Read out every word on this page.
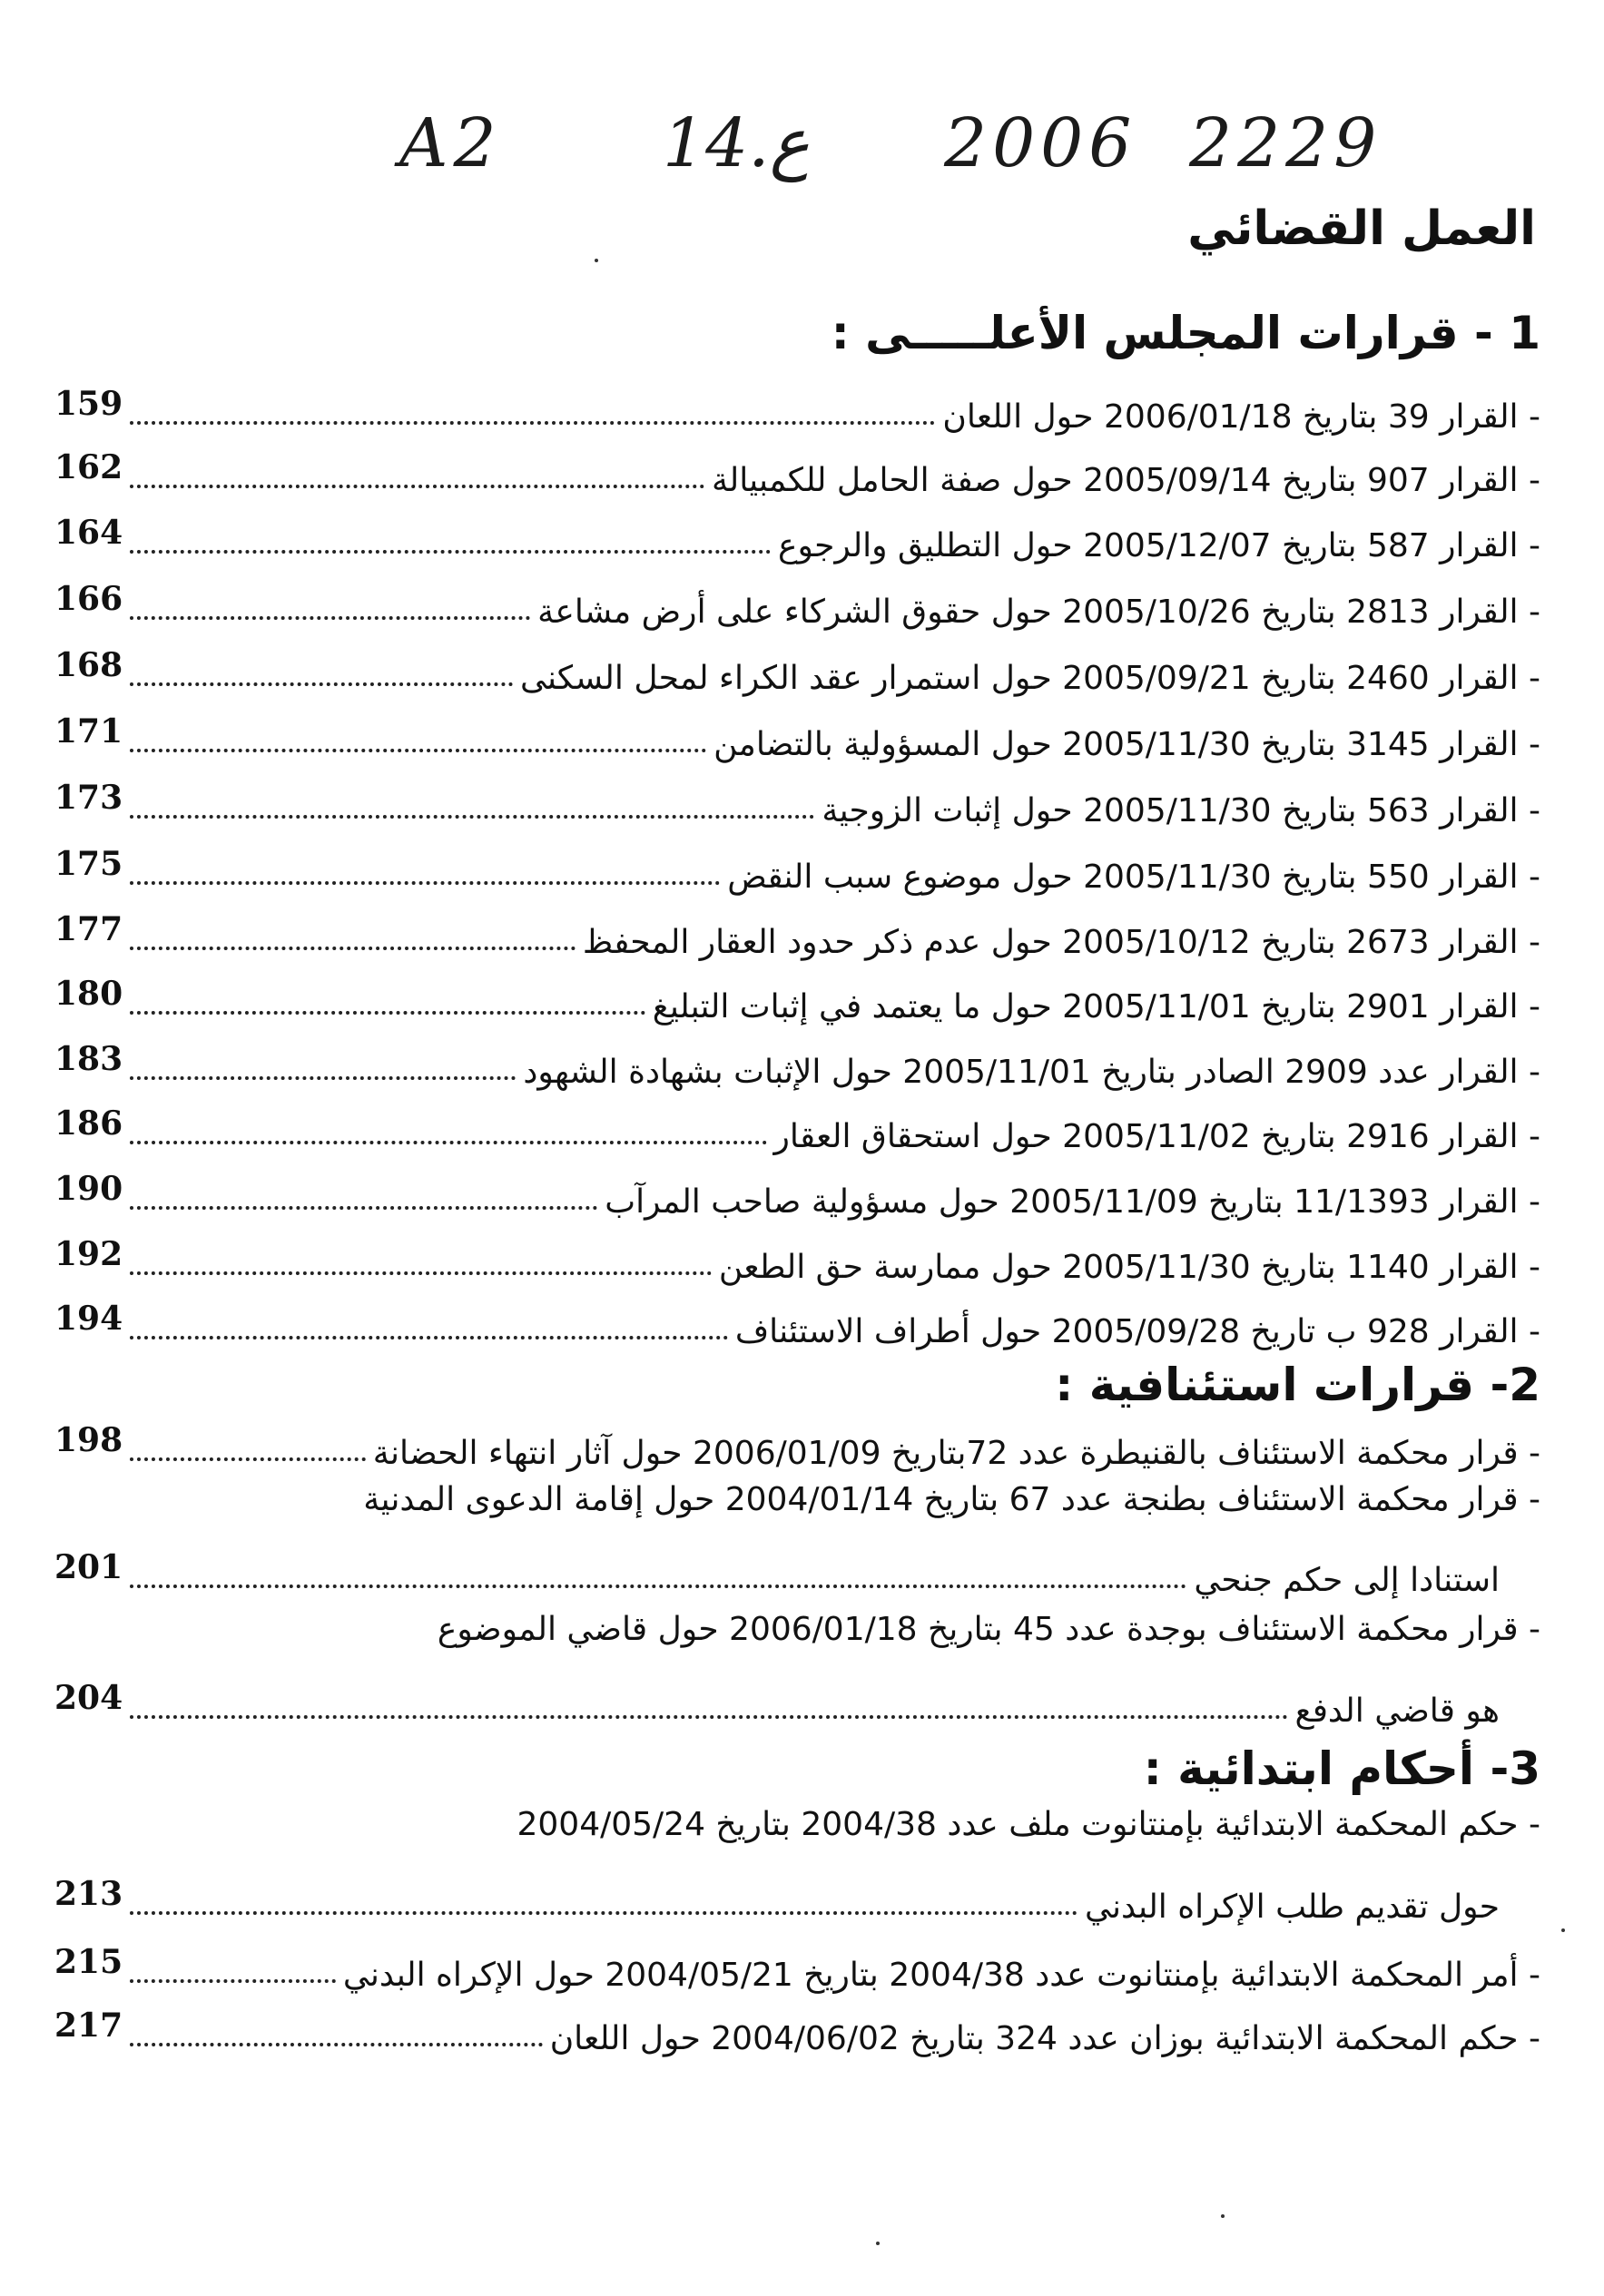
A2 14.ع 2006 2229
العمل القضائي
1 - قرارات المجلس الأعلـــــى :
- القرار 39 بتاريخ 2006/01/18 حول اللعان
159
- القرار 907 بتاريخ 2005/09/14 حول صفة الحامل للكمبيالة
162
- القرار 587 بتاريخ 2005/12/07 حول التطليق والرجوع
164
- القرار 2813 بتاريخ 2005/10/26 حول حقوق الشركاء على أرض مشاعة
166
- القرار 2460 بتاريخ 2005/09/21 حول استمرار عقد الكراء لمحل السكنى
168
- القرار 3145 بتاريخ 2005/11/30 حول المسؤولية بالتضامن
171
- القرار 563 بتاريخ 2005/11/30 حول إثبات الزوجية
173
- القرار 550 بتاريخ 2005/11/30 حول موضوع سبب النقض
175
- القرار 2673 بتاريخ 2005/10/12 حول عدم ذكر حدود العقار المحفظ
177
- القرار 2901 بتاريخ 2005/11/01 حول ما يعتمد في إثبات التبليغ
180
- القرار عدد 2909 الصادر بتاريخ 2005/11/01 حول الإثبات بشهادة الشهود
183
- القرار 2916 بتاريخ 2005/11/02 حول استحقاق العقار
186
- القرار 11/1393 بتاريخ 2005/11/09 حول مسؤولية صاحب المرآب
190
- القرار 1140 بتاريخ 2005/11/30 حول ممارسة حق الطعن
192
- القرار 928 ب تاريخ 2005/09/28 حول أطراف الاستئناف
194
2- قرارات استئنافية :
- قرار محكمة الاستئناف بالقنيطرة عدد 72بتاريخ 2006/01/09 حول آثار انتهاء الحضانة
198
- قرار محكمة الاستئناف بطنجة عدد 67 بتاريخ 2004/01/14 حول إقامة الدعوى المدنية
استنادا إلى حكم جنحي
201
- قرار محكمة الاستئناف بوجدة عدد 45 بتاريخ 2006/01/18 حول قاضي الموضوع
هو قاضي الدفع
204
3- أحكام ابتدائية :
- حكم المحكمة الابتدائية بإمنتانوت ملف عدد 2004/38 بتاريخ 2004/05/24
حول تقديم طلب الإكراه البدني
213
- أمر المحكمة الابتدائية بإمنتانوت عدد 2004/38 بتاريخ 2004/05/21 حول الإكراه البدني
215
- حكم المحكمة الابتدائية بوزان عدد 324 بتاريخ 2004/06/02 حول اللعان
217
